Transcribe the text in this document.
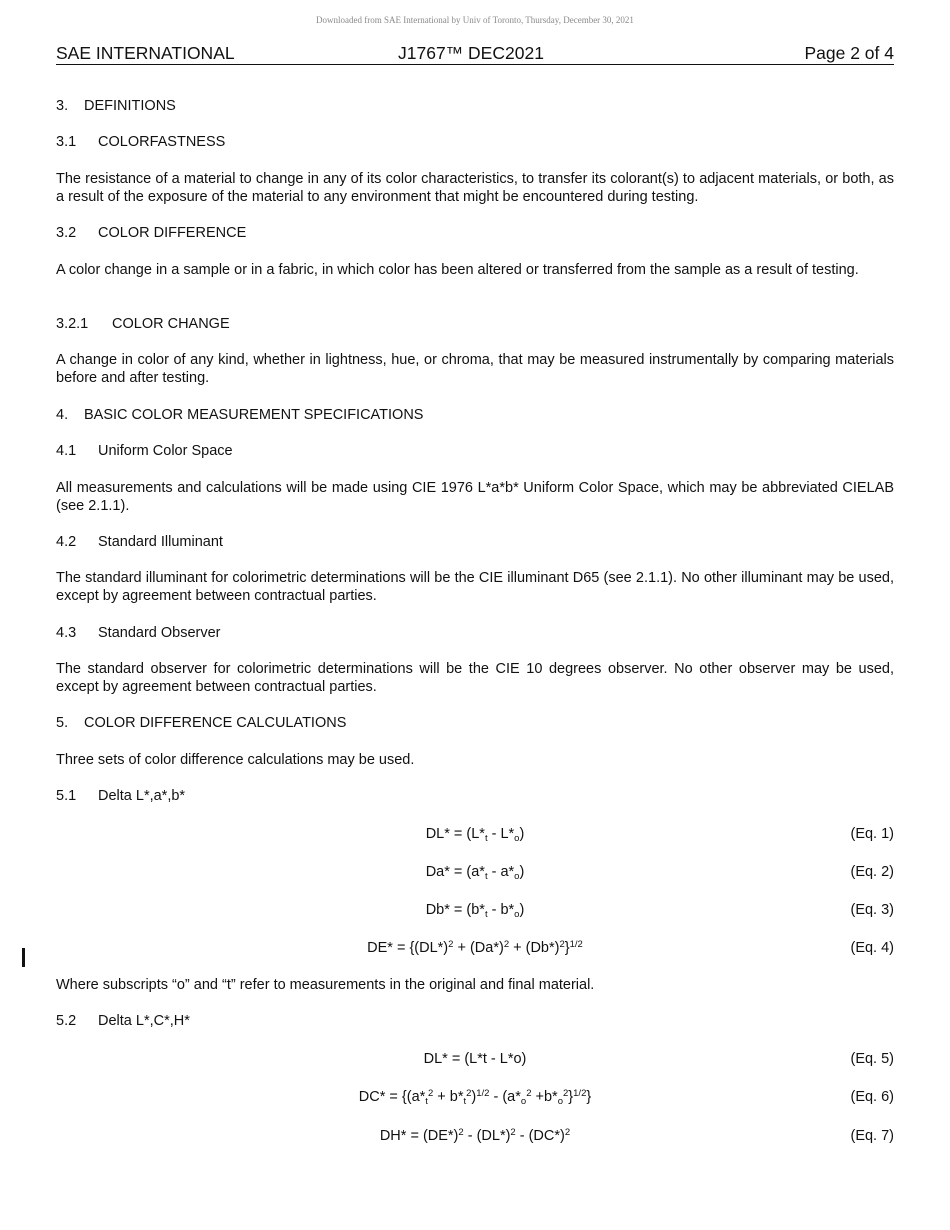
Downloaded from SAE International by Univ of Toronto, Thursday, December 30, 2021
SAE INTERNATIONAL	J1767™ DEC2021	Page 2 of 4
3. DEFINITIONS
3.1 COLORFASTNESS
The resistance of a material to change in any of its color characteristics, to transfer its colorant(s) to adjacent materials, or both, as a result of the exposure of the material to any environment that might be encountered during testing.
3.2 COLOR DIFFERENCE
A color change in a sample or in a fabric, in which color has been altered or transferred from the sample as a result of testing.
3.2.1 COLOR CHANGE
A change in color of any kind, whether in lightness, hue, or chroma, that may be measured instrumentally by comparing materials before and after testing.
4. BASIC COLOR MEASUREMENT SPECIFICATIONS
4.1 Uniform Color Space
All measurements and calculations will be made using CIE 1976 L*a*b* Uniform Color Space, which may be abbreviated CIELAB (see 2.1.1).
4.2 Standard Illuminant
The standard illuminant for colorimetric determinations will be the CIE illuminant D65 (see 2.1.1). No other illuminant may be used, except by agreement between contractual parties.
4.3 Standard Observer
The standard observer for colorimetric determinations will be the CIE 10 degrees observer. No other observer may be used, except by agreement between contractual parties.
5. COLOR DIFFERENCE CALCULATIONS
Three sets of color difference calculations may be used.
5.1 Delta L*,a*,b*
$DL* = (L*_t - L*_o)$	(Eq. 1)
$Da* = (a*_t - a*_o)$	(Eq. 2)
$Db* = (b*_t - b*_o)$	(Eq. 3)
$DE* = \{(DL*)^2 + (Da*)^2 + (Db*)^2\}^{1/2}$	(Eq. 4)
Where subscripts “o” and “t” refer to measurements in the original and final material.
5.2 Delta L*,C*,H*
DL* = (L*t - L*o)	(Eq. 5)
$DC* = \{(a*_t^2 + b*_t^2)^{1/2} - (a*_o^2 +b*_o^2\}^{1/2}\}$	(Eq. 6)
$DH* = (DE*)^2 - (DL*)^2 - (DC*)^2$	(Eq. 7)
